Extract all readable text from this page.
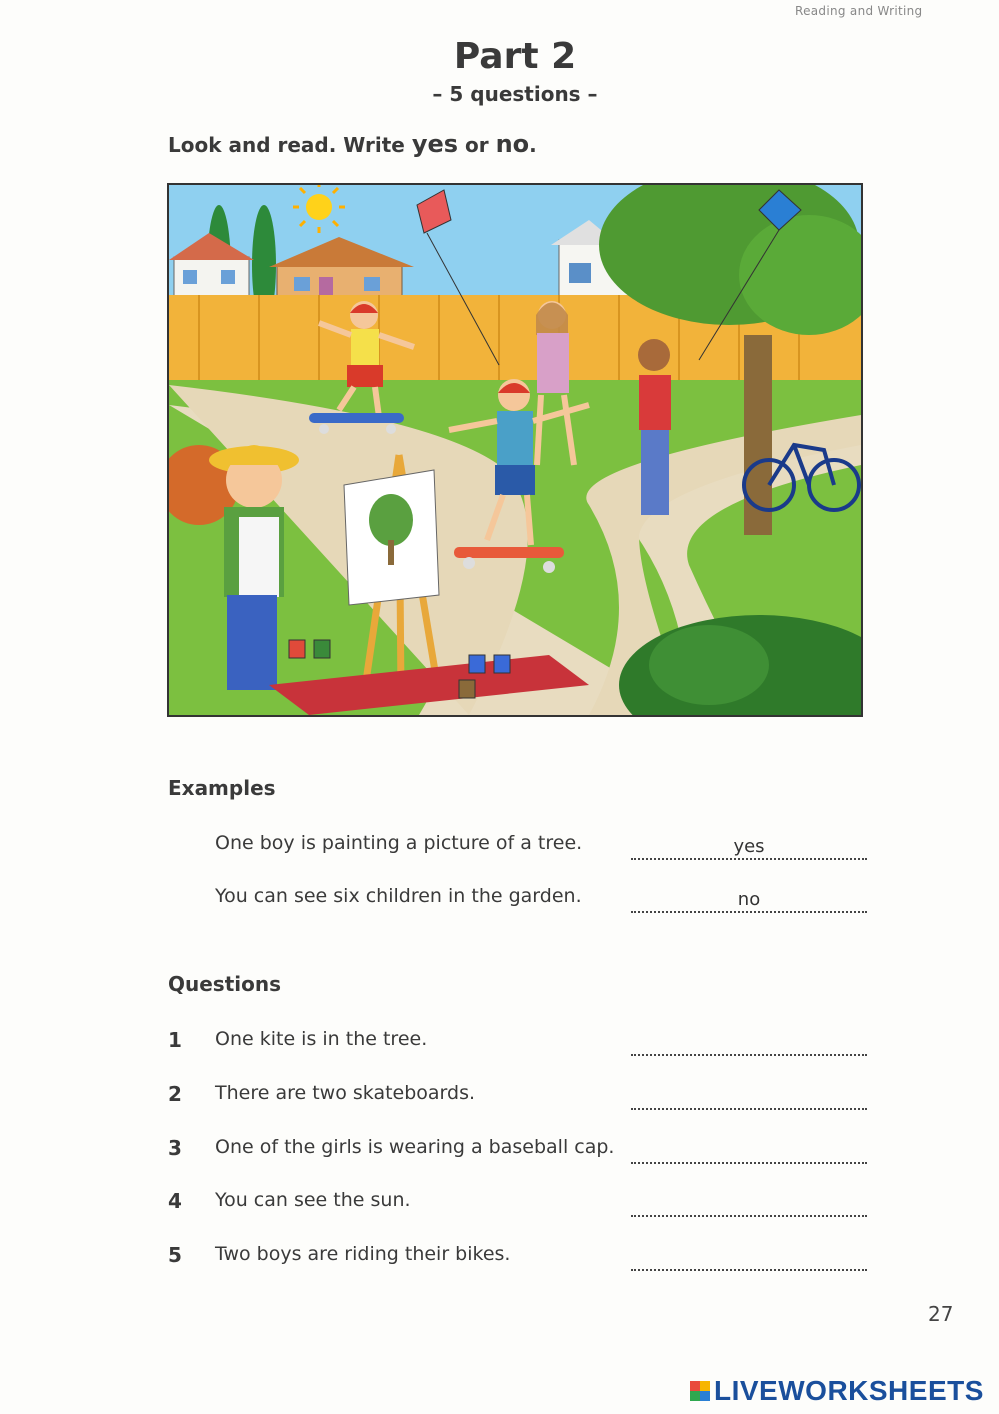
Reading and Writing
Part 2
– 5 questions –
Look and read. Write yes or no.
Examples
One boy is painting a picture of a tree.	yes
You can see six children in the garden.	no
Questions
1 One kite is in the tree.
2 There are two skateboards.
3 One of the girls is wearing a baseball cap.
4 You can see the sun.
5 Two boys are riding their bikes.
27
LIVEWORKSHEETS
